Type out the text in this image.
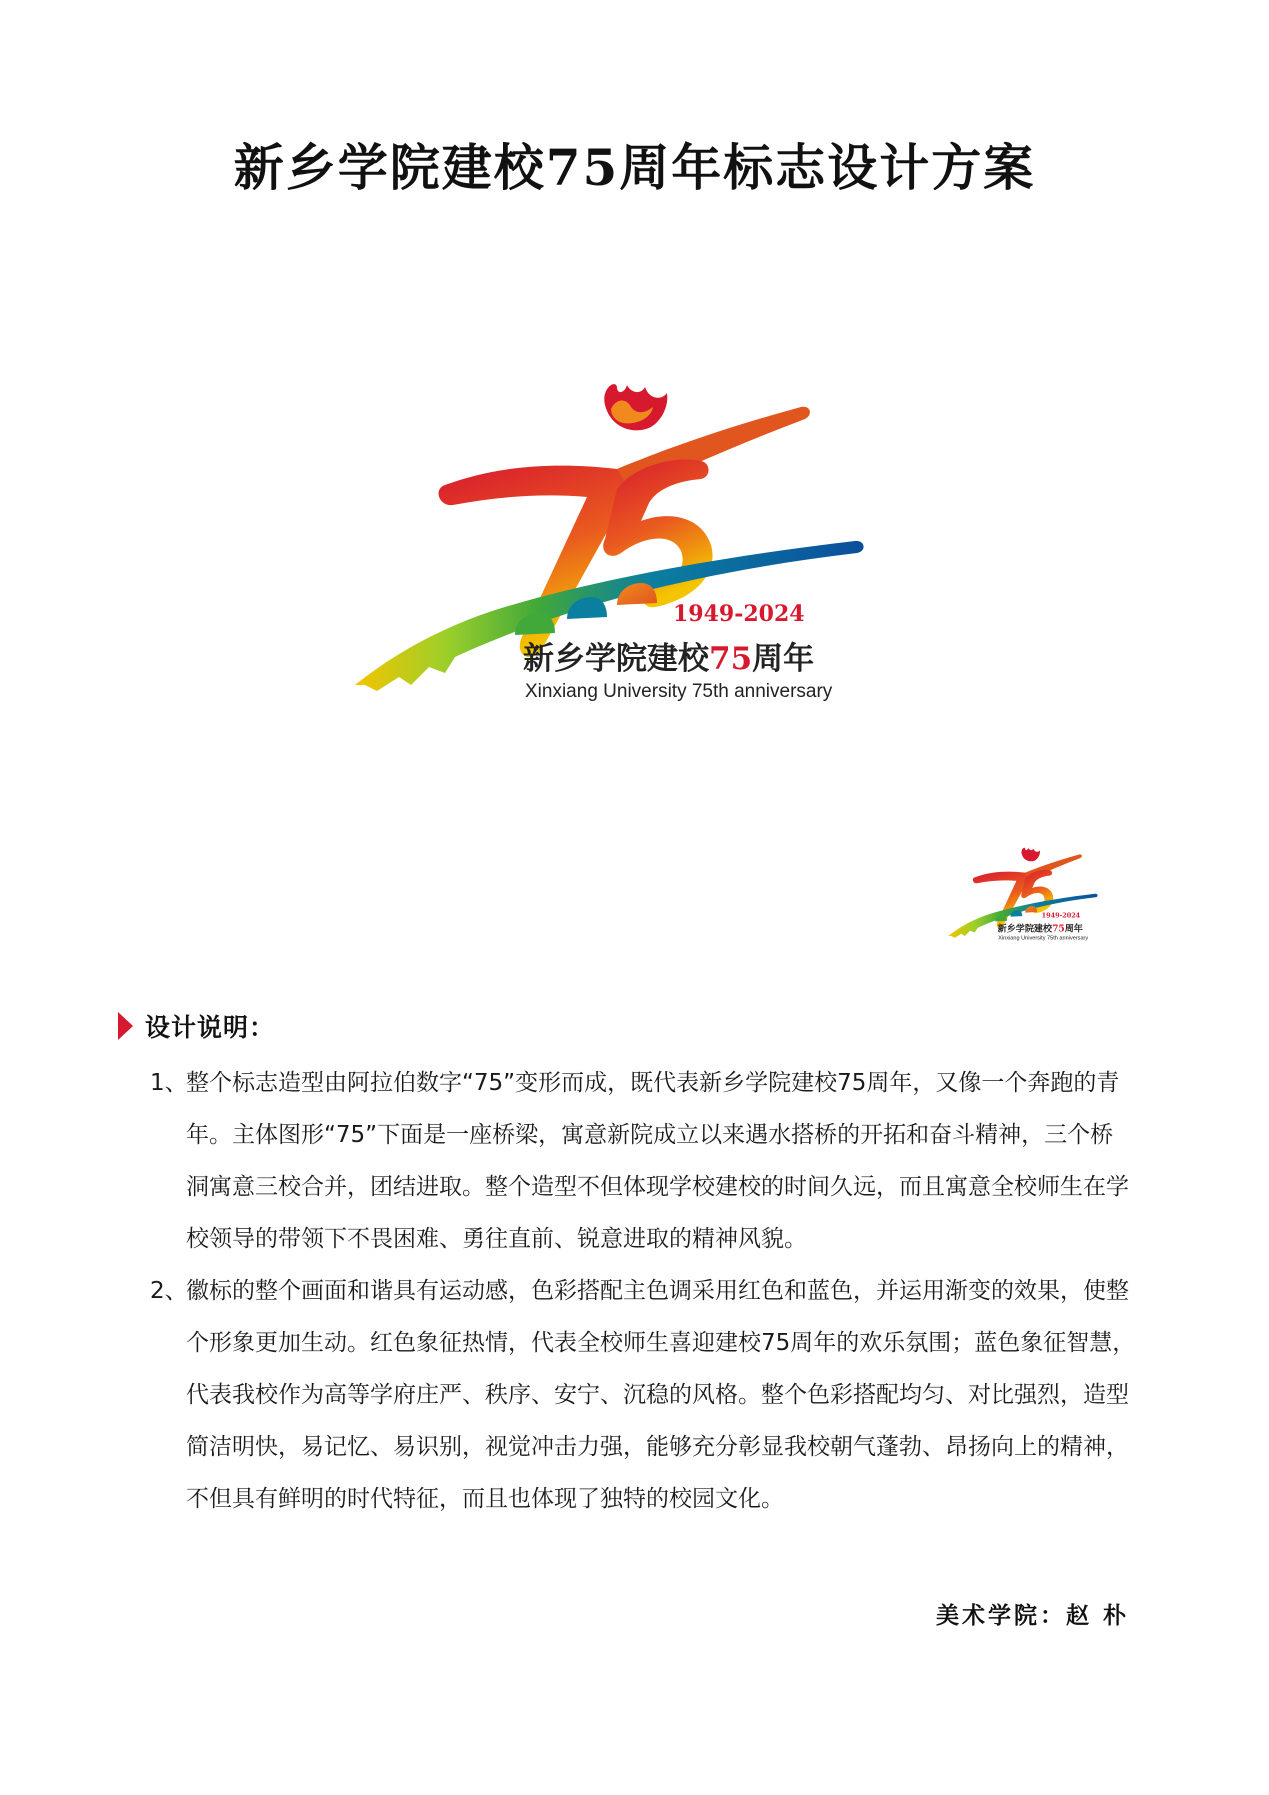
新乡学院建校75周年标志设计方案
1949-2024
新乡学院建校75周年
Xinxiang University 75th anniversary
1949-2024
新乡学院建校75周年
Xinxiang University 75th anniversary
设计说明：
1、
整个标志造型由阿拉伯数字“75”变形而成，既代表新乡学院建校75周年，又像一个奔跑的青
年。主体图形“75”下面是一座桥梁，寓意新院成立以来遇水搭桥的开拓和奋斗精神，三个桥
洞寓意三校合并，团结进取。整个造型不但体现学校建校的时间久远，而且寓意全校师生在学
校领导的带领下不畏困难、勇往直前、锐意进取的精神风貌。
2、
徽标的整个画面和谐具有运动感，色彩搭配主色调采用红色和蓝色，并运用渐变的效果，使整
个形象更加生动。红色象征热情，代表全校师生喜迎建校75周年的欢乐氛围；蓝色象征智慧，
代表我校作为高等学府庄严、秩序、安宁、沉稳的风格。整个色彩搭配均匀、对比强烈，造型
简洁明快，易记忆、易识别，视觉冲击力强，能够充分彰显我校朝气蓬勃、昂扬向上的精神，
不但具有鲜明的时代特征，而且也体现了独特的校园文化。
美术学院：赵 朴
